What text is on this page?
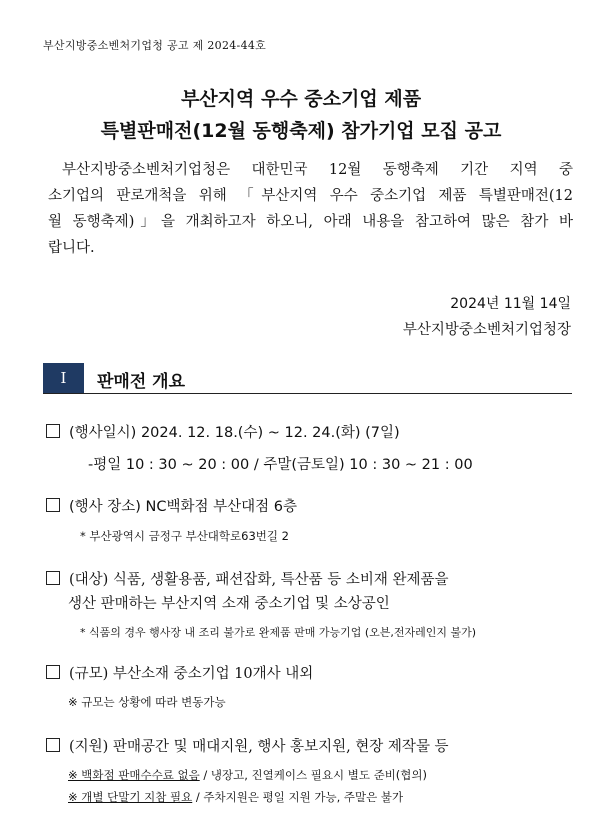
부산지방중소벤처기업청 공고 제 2024-44호
부산지역 우수 중소기업 제품
특별판매전(12월 동행축제) 참가기업 모집 공고
부산지방중소벤처기업청은 대한민국 12월 동행축제 기간 지역 중
소기업의 판로개척을 위해 「부산지역 우수 중소기업 제품 특별판매전(12
월 동행축제)」을 개최하고자 하오니, 아래 내용을 참고하여 많은 참가 바
랍니다.
2024년 11월 14일
부산지방중소벤처기업청장
Ⅰ	판매전 개요
(행사일시) 2024. 12. 18.(수) ~ 12. 24.(화) (7일)
-평일 10 : 30 ~ 20 : 00 / 주말(금토일) 10 : 30 ~ 21 : 00
(행사 장소) NC백화점 부산대점 6층
* 부산광역시 금정구 부산대학로63번길 2
(대상) 식품, 생활용품, 패션잡화, 특산품 등 소비재 완제품을
생산 판매하는 부산지역 소재 중소기업 및 소상공인
* 식품의 경우 행사장 내 조리 불가로 완제품 판매 가능기업 (오븐,전자레인지 불가)
(규모) 부산소재 중소기업 10개사 내외
※ 규모는 상황에 따라 변동가능
(지원) 판매공간 및 매대지원, 행사 홍보지원, 현장 제작물 등
※ 백화점 판매수수료 없음 / 냉장고, 진열케이스 필요시 별도 준비(협의)
※ 개별 단말기 지참 필요 / 주차지원은 평일 지원 가능, 주말은 불가
